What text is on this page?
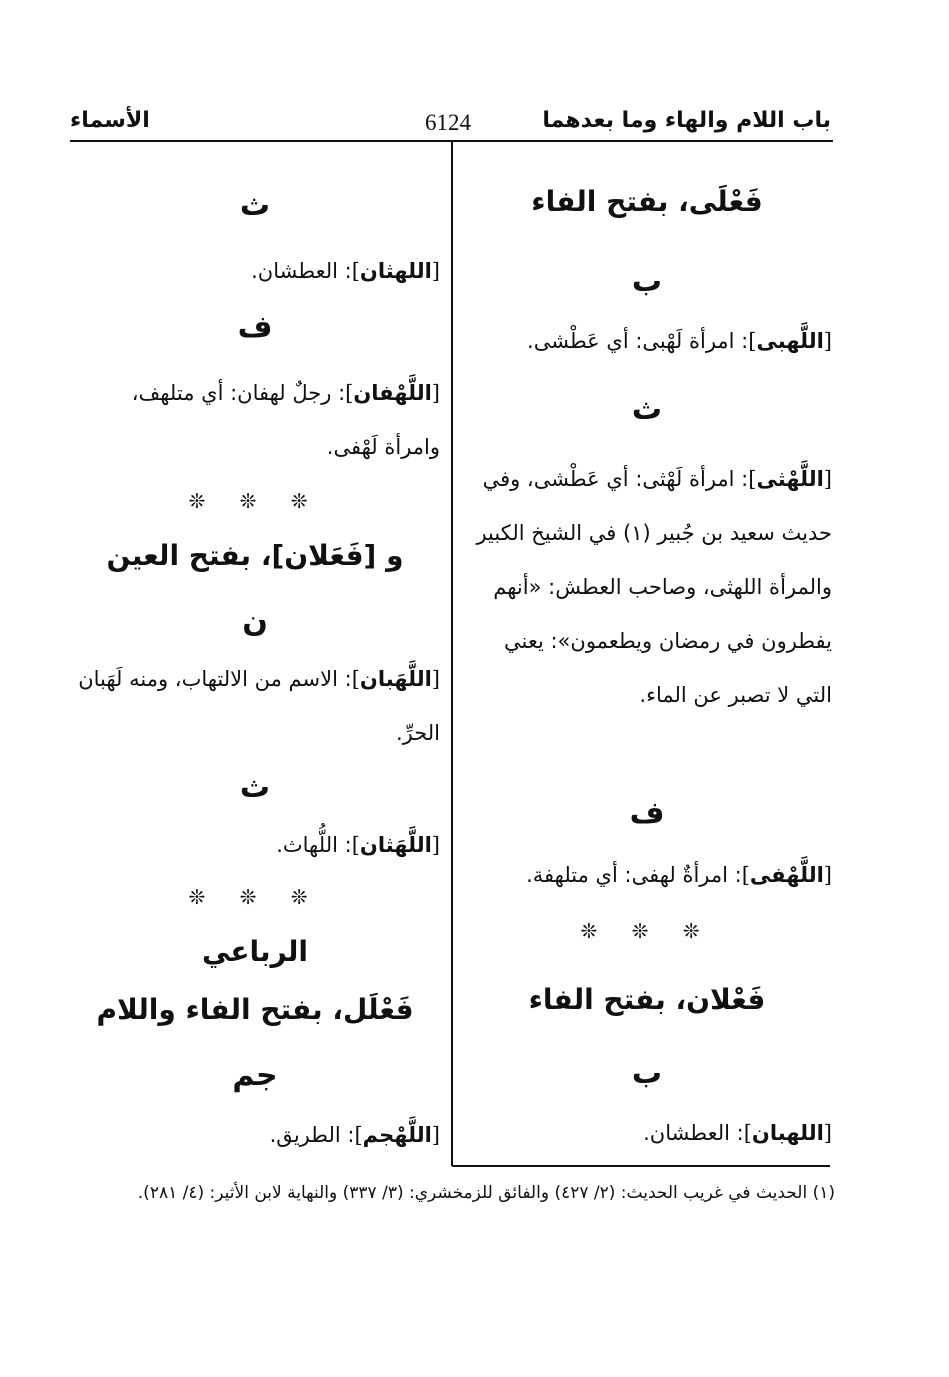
باب اللام والهاء وما بعدهما
6124
الأسماء
فَعْلَى، بفتح الفاء
ب
[اللَّهبى]: امرأة لَهْبى: أي عَطْشى.
ث
[اللَّهْثى]: امرأة لَهْثى: أي عَطْشى، وفي حديث سعيد بن جُبير (١) في الشيخ الكبير والمرأة اللهثى، وصاحب العطش: «أنهم يفطرون في رمضان ويطعمون»: يعني التي لا تصبر عن الماء.
ف
[اللَّهْفى]: امرأةٌ لهفى: أي متلهفة.
❊ ❊ ❊
فَعْلان، بفتح الفاء
ب
[اللهبان]: العطشان.
ث
[اللهثان]: العطشان.
ف
[اللَّهْفان]: رجلٌ لهفان: أي متلهف، وامرأة لَهْفى.
❊ ❊ ❊
و [فَعَلان]، بفتح العين
ن
[اللَّهَبان]: الاسم من الالتهاب، ومنه لَهَبان الحرِّ.
ث
[اللَّهَثان]: اللُّهاث.
❊ ❊ ❊
الرباعي
فَعْلَل، بفتح الفاء واللام
جم
[اللَّهْجم]: الطريق.
(١) الحديث في غريب الحديث: (٢/ ٤٢٧) والفائق للزمخشري: (٣/ ٣٣٧) والنهاية لابن الأثير: (٤/ ٢٨١).
